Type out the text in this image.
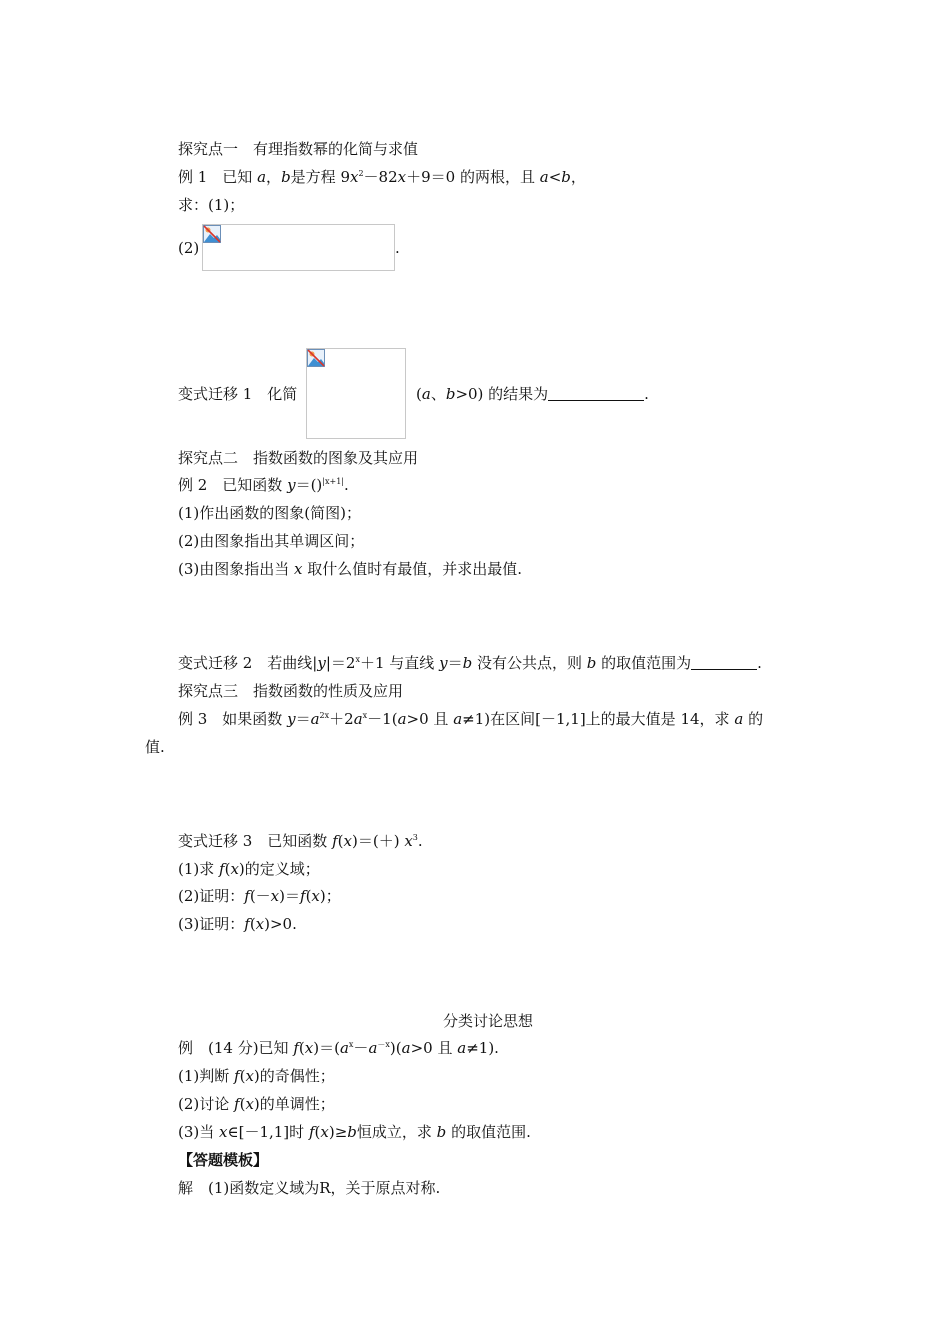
探究点一　有理指数幂的化简与求值
例 1　已知 a，b是方程 $9x^2-82x+9=0$ 的两根，且 a<b，
求：(1)；
(2)	.
变式迁移 1　化简	(a、b>0) 的结果为	.
探究点二　指数函数的图象及其应用
例 2　已知函数 y＝()$^{|x+1|}$.
(1)作出函数的图象(简图)；
(2)由图象指出其单调区间；
(3)由图象指出当 x 取什么值时有最值，并求出最值.
变式迁移 2　若曲线$|y|=2^x+1$ 与直线 y＝b 没有公共点，则 b 的取值范围为	.
探究点三　指数函数的性质及应用
例 3　如果函数 $y=a^{2x}+2a^x-1(a>0$ 且 a≠1)在区间[－1,1]上的最大值是 14，求 a 的
值.
变式迁移 3　已知函数 f(x)＝(＋) $x^3$.
(1)求 f(x)的定义域；
(2)证明：f(－x)＝f(x)；
(3)证明：f(x)>0.
分类讨论思想
例　(14 分)已知 $f(x)=(a^x-a^{-x})(a>0$ 且 a≠1).
(1)判断 f(x)的奇偶性；
(2)讨论 f(x)的单调性；
(3)当 x∈[－1,1]时 f(x)≥b恒成立，求 b 的取值范围.
【答题模板】
解　(1)函数定义域为R，关于原点对称.
